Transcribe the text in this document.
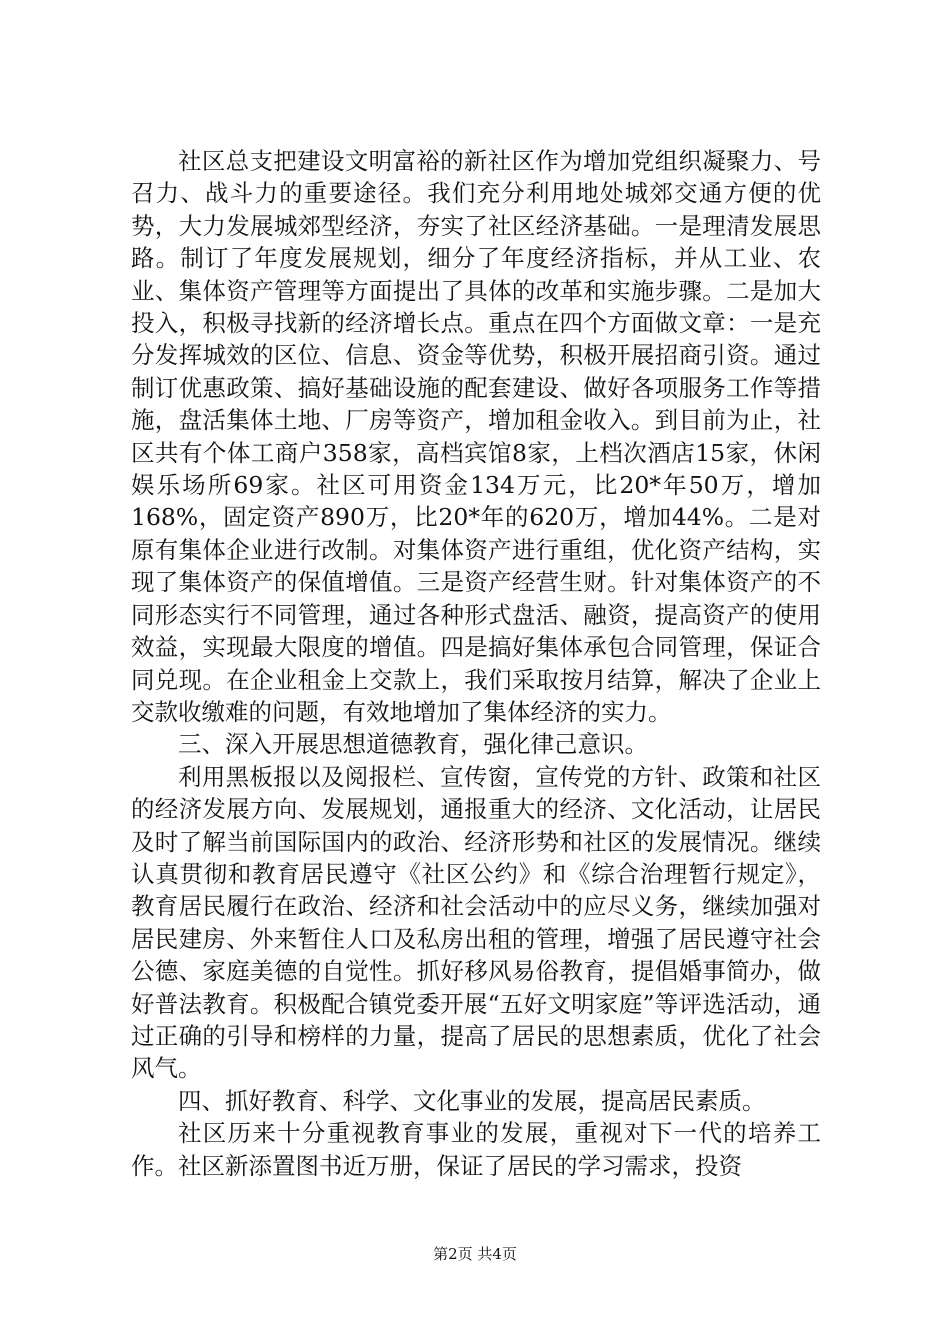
社区总支把建设文明富裕的新社区作为增加党组织凝聚力、号召力、战斗力的重要途径。我们充分利用地处城郊交通方便的优势，大力发展城郊型经济，夯实了社区经济基础。一是理清发展思路。制订了年度发展规划，细分了年度经济指标，并从工业、农业、集体资产管理等方面提出了具体的改革和实施步骤。二是加大投入，积极寻找新的经济增长点。重点在四个方面做文章：一是充分发挥城效的区位、信息、资金等优势，积极开展招商引资。通过制订优惠政策、搞好基础设施的配套建设、做好各项服务工作等措施，盘活集体土地、厂房等资产，增加租金收入。到目前为止，社区共有个体工商户358家，高档宾馆8家，上档次酒店15家，休闲娱乐场所69家。社区可用资金134万元，比20*年50万，增加168%，固定资产890万，比20*年的620万，增加44%。二是对原有集体企业进行改制。对集体资产进行重组，优化资产结构，实现了集体资产的保值增值。三是资产经营生财。针对集体资产的不同形态实行不同管理，通过各种形式盘活、融资，提高资产的使用效益，实现最大限度的增值。四是搞好集体承包合同管理，保证合同兑现。在企业租金上交款上，我们采取按月结算，解决了企业上交款收缴难的问题，有效地增加了集体经济的实力。

三、深入开展思想道德教育，强化律己意识。

利用黑板报以及阅报栏、宣传窗，宣传党的方针、政策和社区的经济发展方向、发展规划，通报重大的经济、文化活动，让居民及时了解当前国际国内的政治、经济形势和社区的发展情况。继续认真贯彻和教育居民遵守《社区公约》和《综合治理暂行规定》，教育居民履行在政治、经济和社会活动中的应尽义务，继续加强对居民建房、外来暂住人口及私房出租的管理，增强了居民遵守社会公德、家庭美德的自觉性。抓好移风易俗教育，提倡婚事简办，做好普法教育。积极配合镇党委开展“五好文明家庭”等评选活动，通过正确的引导和榜样的力量，提高了居民的思想素质，优化了社会风气。

四、抓好教育、科学、文化事业的发展，提高居民素质。

社区历来十分重视教育事业的发展，重视对下一代的培养工作。社区新添置图书近万册，保证了居民的学习需求，投资

第2页 共4页
